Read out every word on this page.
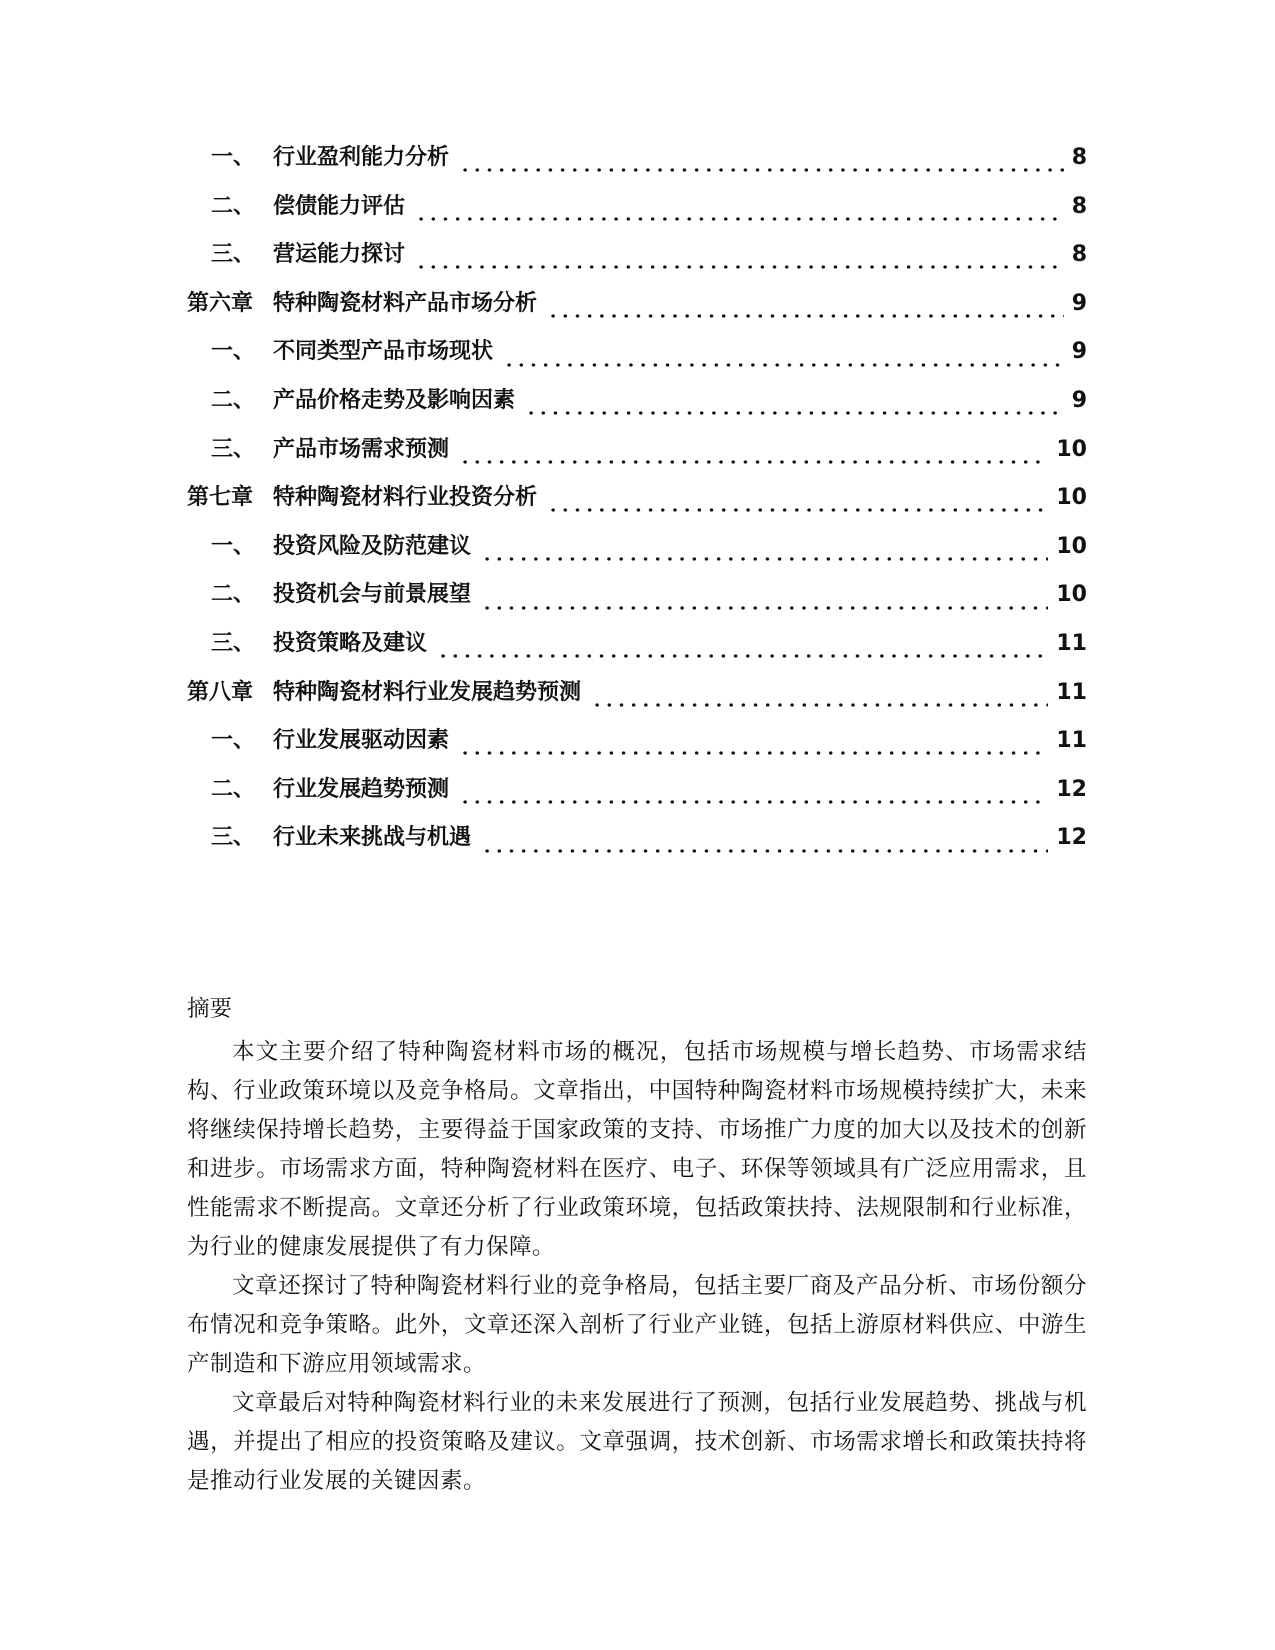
一、 行业盈利能力分析	8
二、 偿债能力评估	8
三、 营运能力探讨	8
第六章 特种陶瓷材料产品市场分析	9
一、 不同类型产品市场现状	9
二、 产品价格走势及影响因素	9
三、 产品市场需求预测	10
第七章 特种陶瓷材料行业投资分析	10
一、 投资风险及防范建议	10
二、 投资机会与前景展望	10
三、 投资策略及建议	11
第八章 特种陶瓷材料行业发展趋势预测	11
一、 行业发展驱动因素	11
二、 行业发展趋势预测	12
三、 行业未来挑战与机遇	12
摘要

本文主要介绍了特种陶瓷材料市场的概况，包括市场规模与增长趋势、市场需求结构、行业政策环境以及竞争格局。文章指出，中国特种陶瓷材料市场规模持续扩大，未来将继续保持增长趋势，主要得益于国家政策的支持、市场推广力度的加大以及技术的创新和进步。市场需求方面，特种陶瓷材料在医疗、电子、环保等领域具有广泛应用需求，且性能需求不断提高。文章还分析了行业政策环境，包括政策扶持、法规限制和行业标准，为行业的健康发展提供了有力保障。

文章还探讨了特种陶瓷材料行业的竞争格局，包括主要厂商及产品分析、市场份额分布情况和竞争策略。此外，文章还深入剖析了行业产业链，包括上游原材料供应、中游生产制造和下游应用领域需求。

文章最后对特种陶瓷材料行业的未来发展进行了预测，包括行业发展趋势、挑战与机遇，并提出了相应的投资策略及建议。文章强调，技术创新、市场需求增长和政策扶持将是推动行业发展的关键因素。
